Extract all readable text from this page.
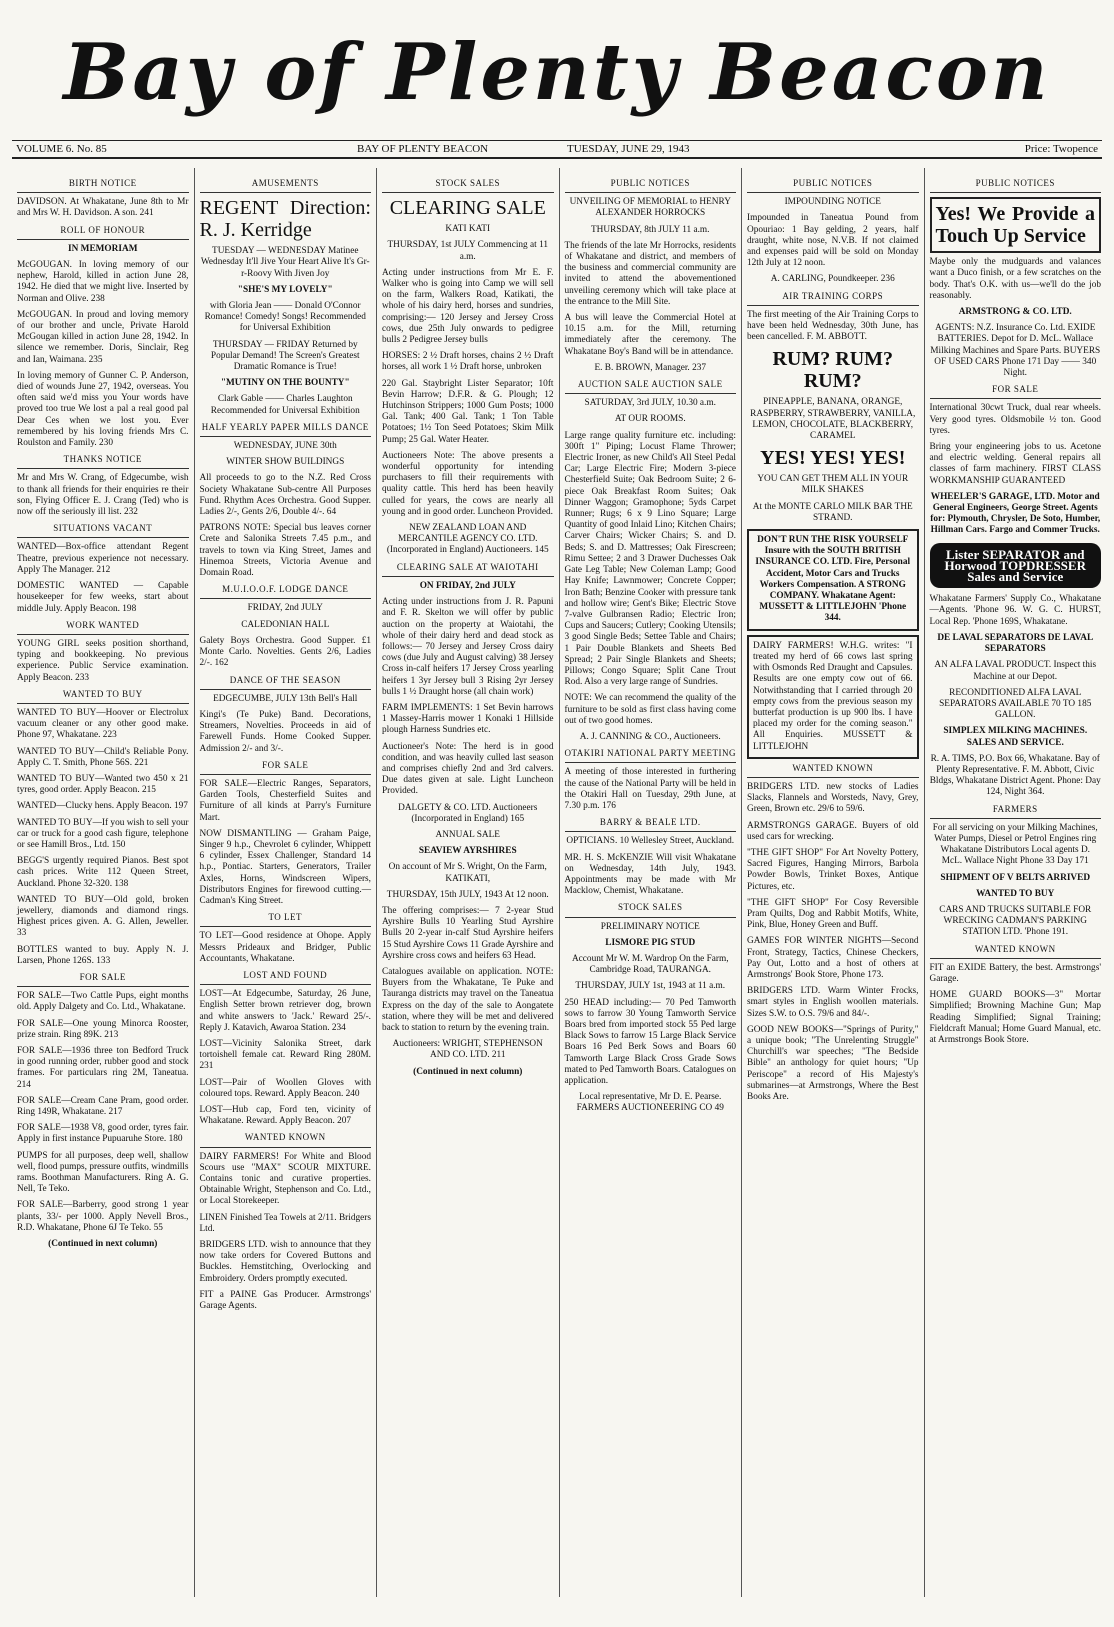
Bay of Plenty Beacon
VOLUME 6. No. 85	BAY OF PLENTY BEACON	TUESDAY, JUNE 29, 1943	Price: Twopence
BIRTH NOTICE
DAVIDSON. At Whakatane, June 8th to Mr and Mrs W. H. Davidson. A son. 241
ROLL OF HONOUR
IN MEMORIAM
McGOUGAN. In loving memory of our nephew, Harold, killed in action June 28, 1942. He died that we might live. Inserted by Norman and Olive. 238
McGOUGAN. In proud and loving memory of our brother and uncle, Private Harold McGougan killed in action June 28, 1942. In silence we remember. Doris, Sinclair, Reg and Ian, Waimana. 235
In loving memory of Gunner C. P. Anderson, died of wounds June 27, 1942, overseas. You often said we'd miss you Your words have proved too true We lost a pal a real good pal Dear Ces when we lost you. Ever remembered by his loving friends Mrs C. Roulston and Family. 230
THANKS NOTICE
Mr and Mrs W. Crang, of Edgecumbe, wish to thank all friends for their enquiries re their son, Flying Officer E. J. Crang (Ted) who is now off the seriously ill list. 232
SITUATIONS VACANT
WANTED—Box-office attendant Regent Theatre, previous experience not necessary. Apply The Manager. 212
DOMESTIC WANTED — Capable housekeeper for few weeks, start about middle July. Apply Beacon. 198
WORK WANTED
YOUNG GIRL seeks position shorthand, typing and bookkeeping. No previous experience. Public Service examination. Apply Beacon. 233
WANTED TO BUY
WANTED TO BUY—Hoover or Electrolux vacuum cleaner or any other good make. Phone 97, Whakatane. 223
WANTED TO BUY—Child's Reliable Pony. Apply C. T. Smith, Phone 56S. 221
WANTED TO BUY—Wanted two 450 x 21 tyres, good order. Apply Beacon. 215
WANTED—Clucky hens. Apply Beacon. 197
WANTED TO BUY—If you wish to sell your car or truck for a good cash figure, telephone or see Hamill Bros., Ltd. 150
BEGG'S urgently required Pianos. Best spot cash prices. Write 112 Queen Street, Auckland. Phone 32-320. 138
WANTED TO BUY—Old gold, broken jewellery, diamonds and diamond rings. Highest prices given. A. G. Allen, Jeweller. 33
BOTTLES wanted to buy. Apply N. J. Larsen, Phone 126S. 133
FOR SALE
FOR SALE—Two Cattle Pups, eight months old. Apply Dalgety and Co. Ltd., Whakatane.
FOR SALE—One young Minorca Rooster, prize strain. Ring 89K. 213
FOR SALE—1936 three ton Bedford Truck in good running order, rubber good and stock frames. For particulars ring 2M, Taneatua. 214
FOR SALE—Cream Cane Pram, good order. Ring 149R, Whakatane. 217
FOR SALE—1938 V8, good order, tyres fair. Apply in first instance Pupuaruhe Store. 180
PUMPS for all purposes, deep well, shallow well, flood pumps, pressure outfits, windmills rams. Boothman Manufacturers. Ring A. G. Nell, Te Teko.
FOR SALE—Barberry, good strong 1 year plants, 33/- per 1000. Apply Nevell Bros., R.D. Whakatane, Phone 6J Te Teko. 55
(Continued in next column)
AMUSEMENTS
REGENT Direction: R. J. Kerridge
TUESDAY — WEDNESDAY Matinee Wednesday It'll Jive Your Heart Alive It's Gr-r-Roovy With Jiven Joy
"SHE'S MY LOVELY"
with Gloria Jean —— Donald O'Connor Romance! Comedy! Songs! Recommended for Universal Exhibition
THURSDAY — FRIDAY Returned by Popular Demand! The Screen's Greatest Dramatic Romance is True!
"MUTINY ON THE BOUNTY"
Clark Gable —— Charles Laughton Recommended for Universal Exhibition
HALF YEARLY PAPER MILLS DANCE
WEDNESDAY, JUNE 30th
WINTER SHOW BUILDINGS
All proceeds to go to the N.Z. Red Cross Society Whakatane Sub-centre All Purposes Fund. Rhythm Aces Orchestra. Good Supper. Ladies 2/-, Gents 2/6, Double 4/-. 64
PATRONS NOTE: Special bus leaves corner Crete and Salonika Streets 7.45 p.m., and travels to town via King Street, James and Hinemoa Streets, Victoria Avenue and Domain Road.
M.U.I.O.O.F. LODGE DANCE
FRIDAY, 2nd JULY
CALEDONIAN HALL
Galety Boys Orchestra. Good Supper. £1 Monte Carlo. Novelties. Gents 2/6, Ladies 2/-. 162
DANCE OF THE SEASON
EDGECUMBE, JULY 13th Bell's Hall
Kingi's (Te Puke) Band. Decorations, Streamers, Novelties. Proceeds in aid of Farewell Funds. Home Cooked Supper. Admission 2/- and 3/-.
FOR SALE
FOR SALE—Electric Ranges, Separators, Garden Tools, Chesterfield Suites and Furniture of all kinds at Parry's Furniture Mart.
NOW DISMANTLING — Graham Paige, Singer 9 h.p., Chevrolet 6 cylinder, Whippett 6 cylinder, Essex Challenger, Standard 14 h.p., Pontiac. Starters, Generators, Trailer Axles, Horns, Windscreen Wipers, Distributors Engines for firewood cutting.—Cadman's King Street.
TO LET
TO LET—Good residence at Ohope. Apply Messrs Prideaux and Bridger, Public Accountants, Whakatane.
LOST AND FOUND
LOST—At Edgecumbe, Saturday, 26 June, English Setter brown retriever dog, brown and white answers to 'Jack.' Reward 25/-. Reply J. Katavich, Awaroa Station. 234
LOST—Vicinity Salonika Street, dark tortoishell female cat. Reward Ring 280M. 231
LOST—Pair of Woollen Gloves with coloured tops. Reward. Apply Beacon. 240
LOST—Hub cap, Ford ten, vicinity of Whakatane. Reward. Apply Beacon. 207
WANTED KNOWN
DAIRY FARMERS! For White and Blood Scours use "MAX" SCOUR MIXTURE. Contains tonic and curative properties. Obtainable Wright, Stephenson and Co. Ltd., or Local Storekeeper.
LINEN Finished Tea Towels at 2/11. Bridgers Ltd.
BRIDGERS LTD. wish to announce that they now take orders for Covered Buttons and Buckles. Hemstitching, Overlocking and Embroidery. Orders promptly executed.
FIT a PAINE Gas Producer. Armstrongs' Garage Agents.
STOCK SALES
CLEARING SALE
KATI KATI
THURSDAY, 1st JULY Commencing at 11 a.m.
Acting under instructions from Mr E. F. Walker who is going into Camp we will sell on the farm, Walkers Road, Katikati, the whole of his dairy herd, horses and sundries, comprising:— 120 Jersey and Jersey Cross cows, due 25th July onwards to pedigree bulls 2 Pedigree Jersey bulls
HORSES: 2 ½ Draft horses, chains 2 ½ Draft horses, all work 1 ½ Draft horse, unbroken
220 Gal. Staybright Lister Separator; 10ft Bevin Harrow; D.F.R. & G. Plough; 12 Hutchinson Strippers; 1000 Gum Posts; 1000 Gal. Tank; 400 Gal. Tank; 1 Ton Table Potatoes; 1½ Ton Seed Potatoes; Skim Milk Pump; 25 Gal. Water Heater.
Auctioneers Note: The above presents a wonderful opportunity for intending purchasers to fill their requirements with quality cattle. This herd has been heavily culled for years, the cows are nearly all young and in good order. Luncheon Provided.
NEW ZEALAND LOAN AND MERCANTILE AGENCY CO. LTD. (Incorporated in England) Auctioneers. 145
CLEARING SALE AT WAIOTAHI
ON FRIDAY, 2nd JULY
Acting under instructions from J. R. Papuni and F. R. Skelton we will offer by public auction on the property at Waiotahi, the whole of their dairy herd and dead stock as follows:— 70 Jersey and Jersey Cross dairy cows (due July and August calving) 38 Jersey Cross in-calf heifers 17 Jersey Cross yearling heifers 1 3yr Jersey bull 3 Rising 2yr Jersey bulls 1 ½ Draught horse (all chain work)
FARM IMPLEMENTS: 1 Set Bevin harrows 1 Massey-Harris mower 1 Konaki 1 Hillside plough Harness Sundries etc.
Auctioneer's Note: The herd is in good condition, and was heavily culled last season and comprises chiefly 2nd and 3rd calvers. Due dates given at sale. Light Luncheon Provided.
DALGETY & CO. LTD. Auctioneers (Incorporated in England) 165
ANNUAL SALE
SEAVIEW AYRSHIRES
On account of Mr S. Wright, On the Farm, KATIKATI,
THURSDAY, 15th JULY, 1943 At 12 noon.
The offering comprises:— 7 2-year Stud Ayrshire Bulls 10 Yearling Stud Ayrshire Bulls 20 2-year in-calf Stud Ayrshire heifers 15 Stud Ayrshire Cows 11 Grade Ayrshire and Ayrshire cross cows and heifers 63 Head.
Catalogues available on application. NOTE: Buyers from the Whakatane, Te Puke and Tauranga districts may travel on the Taneatua Express on the day of the sale to Aongatete station, where they will be met and delivered back to station to return by the evening train.
Auctioneers: WRIGHT, STEPHENSON AND CO. LTD. 211
(Continued in next column)
PUBLIC NOTICES
UNVEILING OF MEMORIAL to HENRY ALEXANDER HORROCKS
THURSDAY, 8th JULY 11 a.m.
The friends of the late Mr Horrocks, residents of Whakatane and district, and members of the business and commercial community are invited to attend the abovementioned unveiling ceremony which will take place at the entrance to the Mill Site.
A bus will leave the Commercial Hotel at 10.15 a.m. for the Mill, returning immediately after the ceremony. The Whakatane Boy's Band will be in attendance.
E. B. BROWN, Manager. 237
AUCTION SALE AUCTION SALE
SATURDAY, 3rd JULY, 10.30 a.m.
AT OUR ROOMS.
Large range quality furniture etc. including: 300ft 1" Piping; Locust Flame Thrower; Electric Ironer, as new Child's All Steel Pedal Car; Large Electric Fire; Modern 3-piece Chesterfield Suite; Oak Bedroom Suite; 2 6-piece Oak Breakfast Room Suites; Oak Dinner Waggon; Gramophone; 5yds Carpet Runner; Rugs; 6 x 9 Lino Square; Large Quantity of good Inlaid Lino; Kitchen Chairs; Carver Chairs; Wicker Chairs; S. and D. Beds; S. and D. Mattresses; Oak Firescreen; Rimu Settee; 2 and 3 Drawer Duchesses Oak Gate Leg Table; New Coleman Lamp; Good Hay Knife; Lawnmower; Concrete Copper; Iron Bath; Benzine Cooker with pressure tank and hollow wire; Gent's Bike; Electric Stove 7-valve Gulbransen Radio; Electric Iron; Cups and Saucers; Cutlery; Cooking Utensils; 3 good Single Beds; Settee Table and Chairs; 1 Pair Double Blankets and Sheets Bed Spread; 2 Pair Single Blankets and Sheets; Pillows; Congo Square; Split Cane Trout Rod. Also a very large range of Sundries.
NOTE: We can recommend the quality of the furniture to be sold as first class having come out of two good homes.
A. J. CANNING & CO., Auctioneers.
OTAKIRI NATIONAL PARTY MEETING
A meeting of those interested in furthering the cause of the National Party will be held in the Otakiri Hall on Tuesday, 29th June, at 7.30 p.m. 176
BARRY & BEALE LTD.
OPTICIANS. 10 Wellesley Street, Auckland.
MR. H. S. McKENZIE Will visit Whakatane on Wednesday, 14th July, 1943. Appointments may be made with Mr Macklow, Chemist, Whakatane.
STOCK SALES
PRELIMINARY NOTICE
LISMORE PIG STUD
Account Mr W. M. Wardrop On the Farm, Cambridge Road, TAURANGA.
THURSDAY, JULY 1st, 1943 at 11 a.m.
250 HEAD including:— 70 Ped Tamworth sows to farrow 30 Young Tamworth Service Boars bred from imported stock 55 Ped large Black Sows to farrow 15 Large Black Service Boars 16 Ped Berk Sows and Boars 60 Tamworth Large Black Cross Grade Sows mated to Ped Tamworth Boars. Catalogues on application.
Local representative, Mr D. E. Pearse. FARMERS AUCTIONEERING CO 49
PUBLIC NOTICES
IMPOUNDING NOTICE
Impounded in Taneatua Pound from Opouriao: 1 Bay gelding, 2 years, half draught, white nose, N.V.B. If not claimed and expenses paid will be sold on Monday 12th July at 12 noon.
A. CARLING, Poundkeeper. 236
AIR TRAINING CORPS
The first meeting of the Air Training Corps to have been held Wednesday, 30th June, has been cancelled. F. M. ABBOTT.
RUM? RUM? RUM?
PINEAPPLE, BANANA, ORANGE, RASPBERRY, STRAWBERRY, VANILLA, LEMON, CHOCOLATE, BLACKBERRY, CARAMEL
YES! YES! YES!
YOU CAN GET THEM ALL IN YOUR MILK SHAKES
At the MONTE CARLO MILK BAR THE STRAND.
DON'T RUN THE RISK YOURSELF Insure with the SOUTH BRITISH INSURANCE CO. LTD. Fire, Personal Accident, Motor Cars and Trucks Workers Compensation. A STRONG COMPANY. Whakatane Agent: MUSSETT & LITTLEJOHN 'Phone 344.
DAIRY FARMERS! W.H.G. writes: "I treated my herd of 66 cows last spring with Osmonds Red Draught and Capsules. Results are one empty cow out of 66. Notwithstanding that I carried through 20 empty cows from the previous season my butterfat production is up 900 lbs. I have placed my order for the coming season." All Enquiries. MUSSETT & LITTLEJOHN
WANTED KNOWN
BRIDGERS LTD. new stocks of Ladies Slacks, Flannels and Worsteds, Navy, Grey, Green, Brown etc. 29/6 to 59/6.
ARMSTRONGS GARAGE. Buyers of old used cars for wrecking.
"THE GIFT SHOP" For Art Novelty Pottery, Sacred Figures, Hanging Mirrors, Barbola Powder Bowls, Trinket Boxes, Antique Pictures, etc.
"THE GIFT SHOP" For Cosy Reversible Pram Quilts, Dog and Rabbit Motifs, White, Pink, Blue, Honey Green and Buff.
GAMES FOR WINTER NIGHTS—Second Front, Strategy, Tactics, Chinese Checkers, Pay Out, Lotto and a host of others at Armstrongs' Book Store, Phone 173.
BRIDGERS LTD. Warm Winter Frocks, smart styles in English woollen materials. Sizes S.W. to O.S. 79/6 and 84/-.
GOOD NEW BOOKS—"Springs of Purity," a unique book; "The Unrelenting Struggle" Churchill's war speeches; "The Bedside Bible" an anthology for quiet hours; "Up Periscope" a record of His Majesty's submarines—at Armstrongs, Where the Best Books Are.
PUBLIC NOTICES
Yes! We Provide a Touch Up Service
Maybe only the mudguards and valances want a Duco finish, or a few scratches on the body. That's O.K. with us—we'll do the job reasonably.
ARMSTRONG & CO. LTD.
AGENTS: N.Z. Insurance Co. Ltd. EXIDE BATTERIES. Depot for D. McL. Wallace Milking Machines and Spare Parts. BUYERS OF USED CARS Phone 171 Day —— 340 Night.
FOR SALE
International 30cwt Truck, dual rear wheels. Very good tyres. Oldsmobile ½ ton. Good tyres.
Bring your engineering jobs to us. Acetone and electric welding. General repairs all classes of farm machinery. FIRST CLASS WORKMANSHIP GUARANTEED
WHEELER'S GARAGE, LTD. Motor and General Engineers, George Street. Agents for: Plymouth, Chrysler, De Soto, Humber, Hillman Cars. Fargo and Commer Trucks.
Lister SEPARATOR and Horwood TOPDRESSER Sales and Service
Whakatane Farmers' Supply Co., Whakatane—Agents. 'Phone 96. W. G. C. HURST, Local Rep. 'Phone 169S, Whakatane.
DE LAVAL SEPARATORS DE LAVAL SEPARATORS
AN ALFA LAVAL PRODUCT. Inspect this Machine at our Depot.
RECONDITIONED ALFA LAVAL SEPARATORS AVAILABLE 70 TO 185 GALLON.
SIMPLEX MILKING MACHINES. SALES AND SERVICE.
R. A. TIMS, P.O. Box 66, Whakatane. Bay of Plenty Representative. F. M. Abbott, Civic Bldgs, Whakatane District Agent. Phone: Day 124, Night 364.
FARMERS
For all servicing on your Milking Machines, Water Pumps, Diesel or Petrol Engines ring Whakatane Distributors Local agents D. McL. Wallace Night Phone 33 Day 171
SHIPMENT OF V BELTS ARRIVED
WANTED TO BUY
CARS AND TRUCKS SUITABLE FOR WRECKING CADMAN'S PARKING STATION LTD. 'Phone 191.
WANTED KNOWN
FIT an EXIDE Battery, the best. Armstrongs' Garage.
HOME GUARD BOOKS—3" Mortar Simplified; Browning Machine Gun; Map Reading Simplified; Signal Training; Fieldcraft Manual; Home Guard Manual, etc. at Armstrongs Book Store.
